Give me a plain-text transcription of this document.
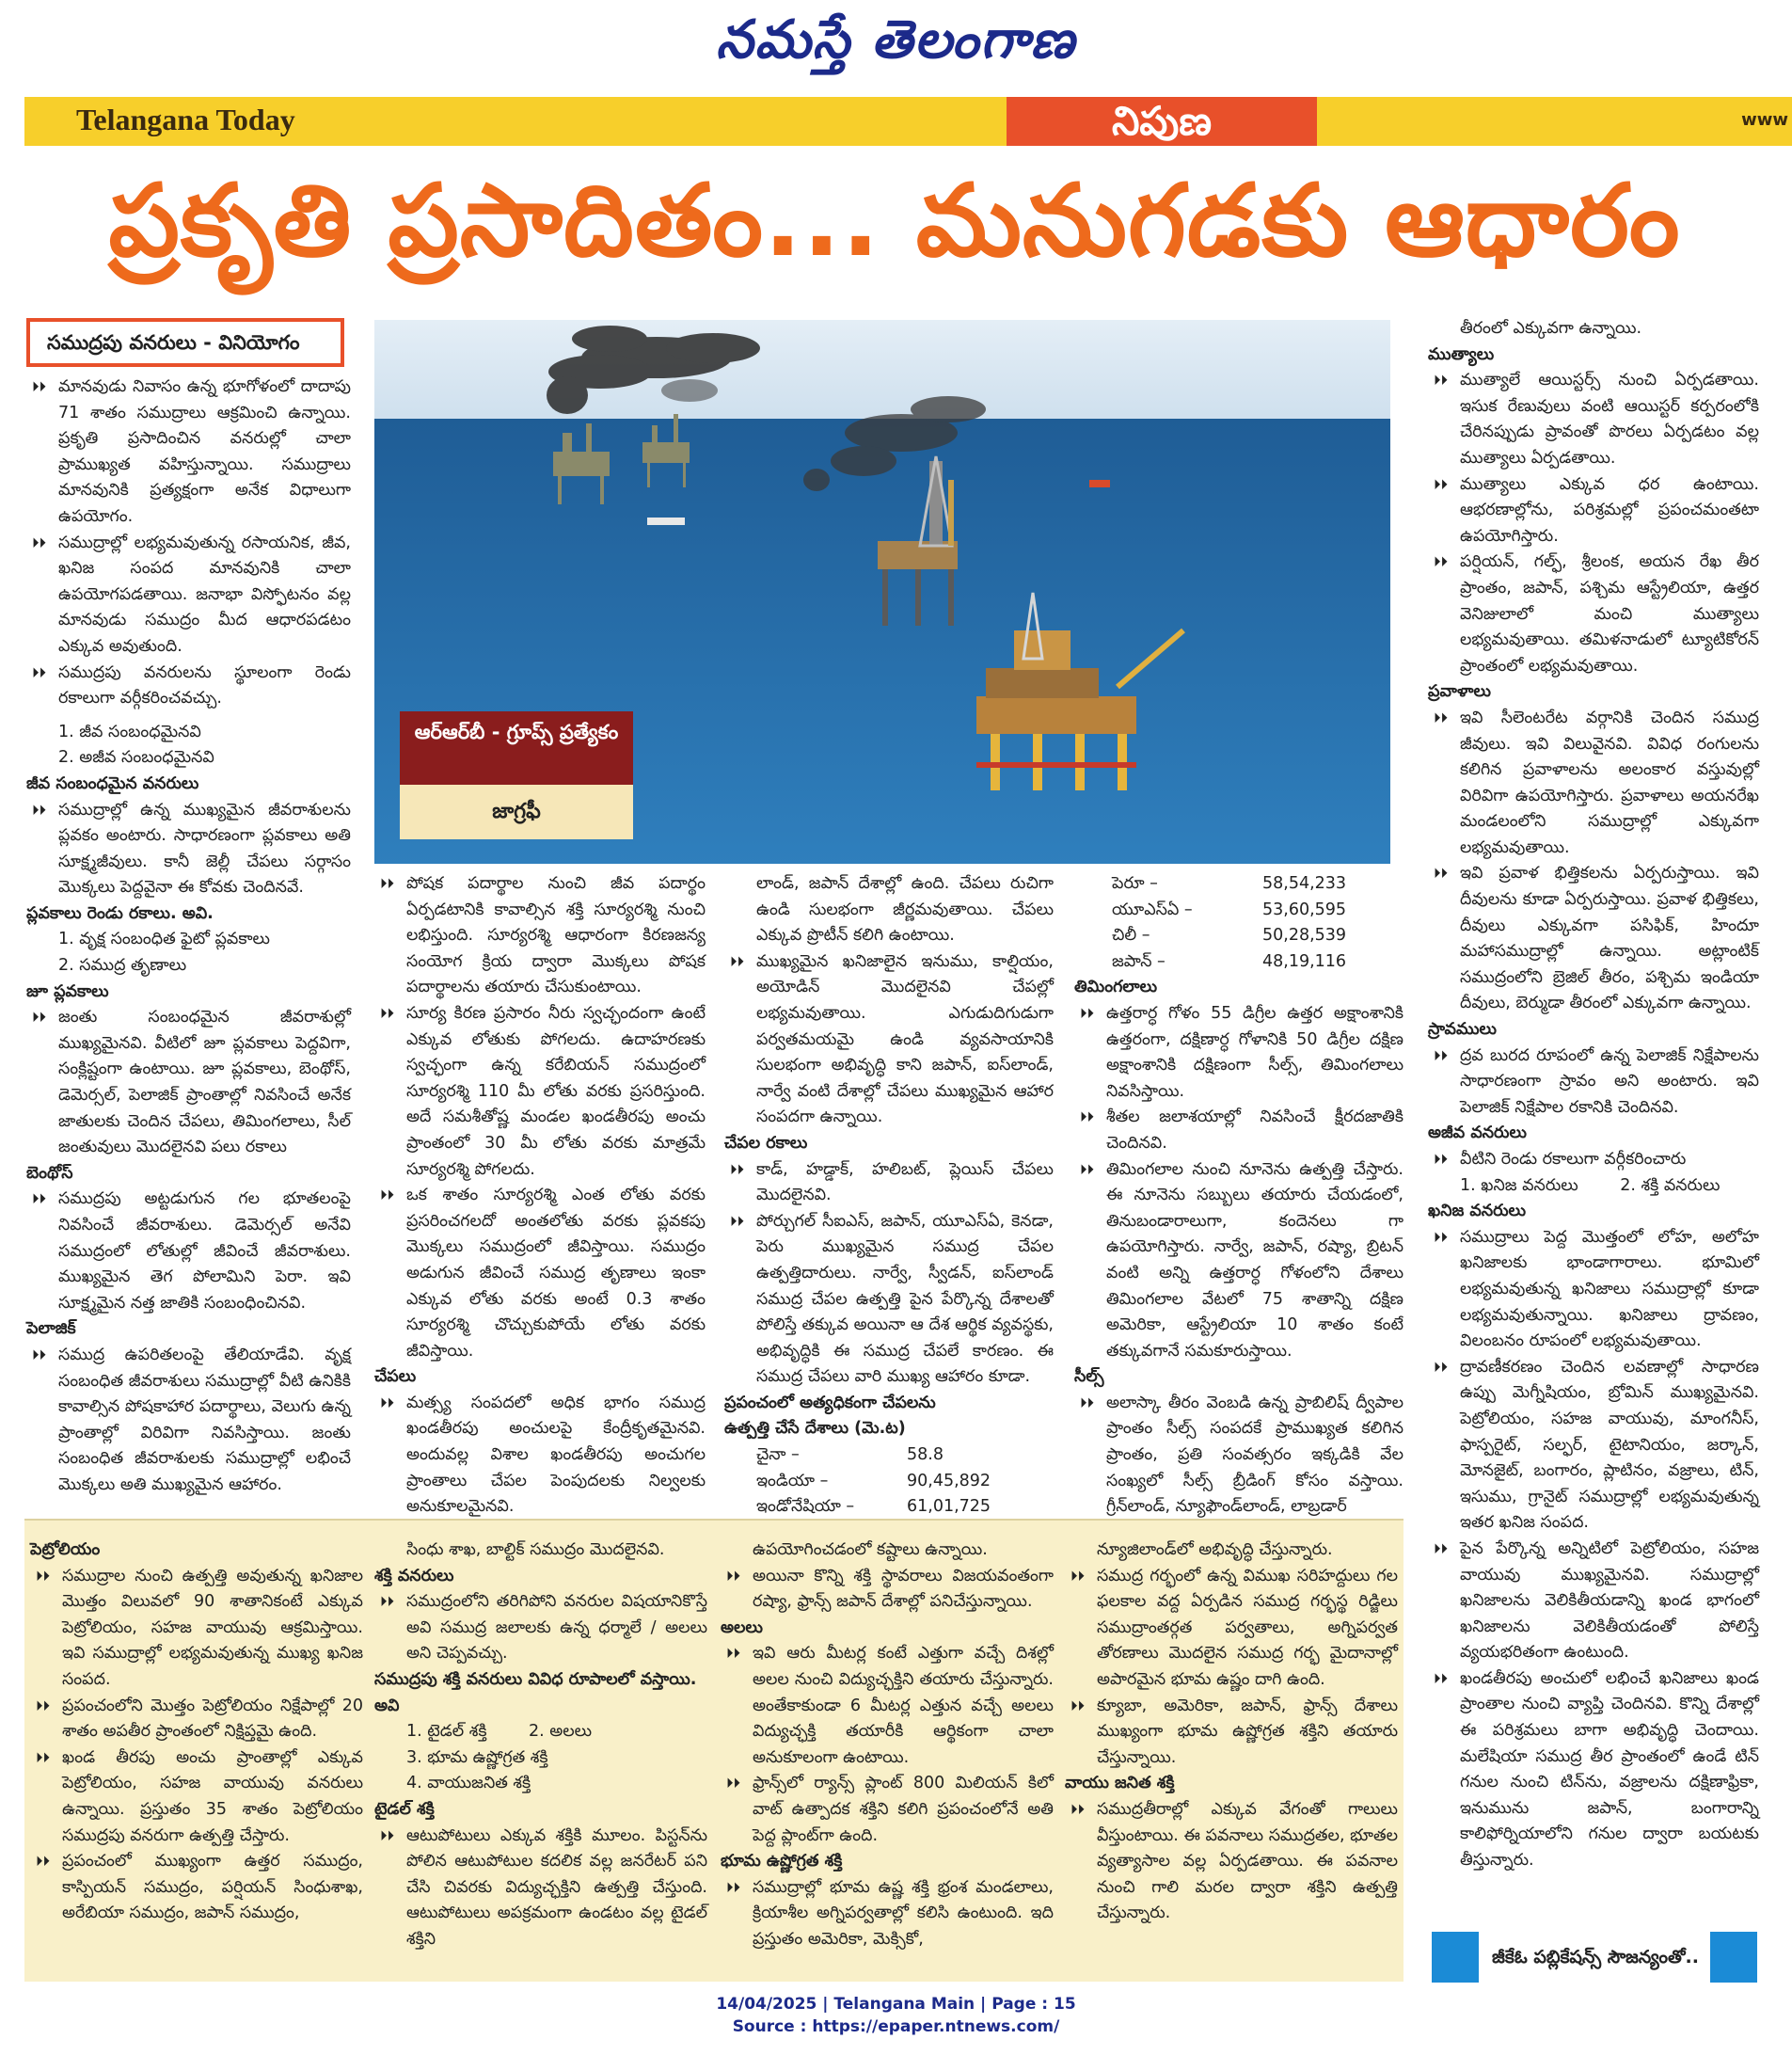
నమస్తే తెలంగాణ
Telangana Today	నిపుణ	www
ప్రకృతి ప్రసాదితం... మనుగడకు ఆధారం
సముద్రపు వనరులు - వినియోగం
ఆర్ఆర్‌బీ - గ్రూప్స్ ప్రత్యేకం
జాగ్రఫీ

⏵⏵ మానవుడు నివాసం ఉన్న భూగోళంలో దాదాపు 71 శాతం సముద్రాలు ఆక్రమించి ఉన్నాయి. ప్రకృతి ప్రసాదించిన వనరుల్లో చాలా ప్రాముఖ్యత వహిస్తున్నాయి. సముద్రాలు మానవునికి ప్రత్యక్షంగా అనేక విధాలుగా ఉపయోగం.

⏵⏵ సముద్రాల్లో లభ్యమవుతున్న రసాయనిక, జీవ, ఖనిజ సంపద మానవునికి చాలా ఉపయోగపడతాయి. జనాభా విస్ఫోటనం వల్ల మానవుడు సముద్రం మీద ఆధారపడటం ఎక్కువ అవుతుంది.

⏵⏵ సముద్రపు వనరులను స్థూలంగా రెండు రకాలుగా వర్గీకరించవచ్చు.

1. జీవ సంబంధమైనవి

2. అజీవ సంబంధమైనవి

జీవ సంబంధమైన వనరులు

⏵⏵ సముద్రాల్లో ఉన్న ముఖ్యమైన జీవరాశులను ప్లవకం అంటారు. సాధారణంగా ప్లవకాలు అతి సూక్ష్మజీవులు. కానీ జెల్లీ చేపలు సర్గాసం మొక్కలు పెద్దవైనా ఈ కోవకు చెందినవే.

ప్లవకాలు రెండు రకాలు. అవి.

1. వృక్ష సంబంధిత ఫైటో ప్లవకాలు

2. సముద్ర తృణాలు

జూ ప్లవకాలు

⏵⏵ జంతు సంబంధమైన జీవరాశుల్లో ముఖ్యమైనవి. వీటిలో జూ ప్లవకాలు పెద్దవిగా, సంక్లిష్టంగా ఉంటాయి. జూ ప్లవకాలు, బెంథోస్, డెమెర్సల్, పెలాజిక్ ప్రాంతాల్లో నివసించే అనేక జాతులకు చెందిన చేపలు, తిమింగలాలు, సీల్ జంతువులు మొదలైనవి పలు రకాలు

బెంథోస్

⏵⏵ సముద్రపు అట్టడుగున గల భూతలంపై నివసించే జీవరాశులు. డెమెర్సల్ అనేవి సముద్రంలో లోతుల్లో జీవించే జీవరాశులు. ముఖ్యమైన తెగ పోలామిని పెరా. ఇవి సూక్ష్మమైన నత్త జాతికి సంబంధించినవి.

పెలాజిక్

⏵⏵ సముద్ర ఉపరితలంపై తేలియాడేవి. వృక్ష సంబంధిత జీవరాశులు సముద్రాల్లో వీటి ఉనికికి కావాల్సిన పోషకాహార పదార్థాలు, వెలుగు ఉన్న ప్రాంతాల్లో విరివిగా నివసిస్తాయి. జంతు సంబంధిత జీవరాశులకు సముద్రాల్లో లభించే మొక్కలు అతి ముఖ్యమైన ఆహారం.

⏵⏵ పోషక పదార్థాల నుంచి జీవ పదార్థం ఏర్పడటానికి కావాల్సిన శక్తి సూర్యరశ్మి నుంచి లభిస్తుంది. సూర్యరశ్మి ఆధారంగా కిరణజన్య సంయోగ క్రియ ద్వారా మొక్కలు పోషక పదార్థాలను తయారు చేసుకుంటాయి.

⏵⏵ సూర్య కిరణ ప్రసారం నీరు స్వచ్ఛందంగా ఉంటే ఎక్కువ లోతుకు పోగలదు. ఉదాహరణకు స్వచ్ఛంగా ఉన్న కరేబియన్ సముద్రంలో సూర్యరశ్మి 110 మీ లోతు వరకు ప్రసరిస్తుంది. అదే సమశీతోష్ణ మండల ఖండతీరపు అంచు ప్రాంతంలో 30 మీ లోతు వరకు మాత్రమే సూర్యరశ్మి పోగలదు.

⏵⏵ ఒక శాతం సూర్యరశ్మి ఎంత లోతు వరకు ప్రసరించగలదో అంతలోతు వరకు ప్లవకపు మొక్కలు సముద్రంలో జీవిస్తాయి. సముద్రం అడుగున జీవించే సముద్ర తృణాలు ఇంకా ఎక్కువ లోతు వరకు అంటే 0.3 శాతం సూర్యరశ్మి చొచ్చుకుపోయే లోతు వరకు జీవిస్తాయి.

చేపలు

⏵⏵ మత్స్య సంపదలో అధిక భాగం సముద్ర ఖండతీరపు అంచులపై కేంద్రీకృతమైనవి. అందువల్ల విశాల ఖండతీరపు అంచుగల ప్రాంతాలు చేపల పెంపుదలకు నిల్వలకు అనుకూలమైనవి.

లాండ్, జపాన్ దేశాల్లో ఉంది. చేపలు రుచిగా ఉండి సులభంగా జీర్ణమవుతాయి. చేపలు ఎక్కువ ప్రొటీన్ కలిగి ఉంటాయి.

⏵⏵ ముఖ్యమైన ఖనిజాలైన ఇనుము, కాల్షియం, అయోడిన్ మొదలైనవి చేపల్లో లభ్యమవుతాయి. ఎగుడుదిగుడుగా పర్వతమయమై ఉండి వ్యవసాయానికి సులభంగా అభివృద్ధి కాని జపాన్, ఐస్‌లాండ్, నార్వే వంటి దేశాల్లో చేపలు ముఖ్యమైన ఆహార సంపదగా ఉన్నాయి.

చేపల రకాలు

⏵⏵ కాడ్, హడ్డాక్, హలిబట్, ప్లెయిస్ చేపలు మొదలైనవి.

⏵⏵ పోర్చుగల్ సీఐఎస్, జపాన్, యూఎస్ఏ, కెనడా, పెరు ముఖ్యమైన సముద్ర చేపల ఉత్పత్తిదారులు. నార్వే, స్వీడన్, ఐస్‌లాండ్ సముద్ర చేపల ఉత్పత్తి పైన పేర్కొన్న దేశాలతో పోలిస్తే తక్కువ అయినా ఆ దేశ ఆర్థిక వ్యవస్థకు, అభివృద్ధికి ఈ సముద్ర చేపలే కారణం. ఈ సముద్ర చేపలు వారి ముఖ్య ఆహారం కూడా.

ప్రపంచంలో అత్యధికంగా చేపలను

ఉత్పత్తి చేసే దేశాలు (మె.ట)

చైనా –	58.8
ఇండియా –	90,45,892
ఇండోనేషియా –	61,01,725
పెరూ –	58,54,233
యూఎస్ఏ –	53,60,595
చిలీ –	50,28,539
జపాన్ –	48,19,116

తిమింగలాలు

⏵⏵ ఉత్తరార్ధ గోళం 55 డిగ్రీల ఉత్తర అక్షాంశానికి ఉత్తరంగా, దక్షిణార్ధ గోళానికి 50 డిగ్రీల దక్షిణ అక్షాంశానికి దక్షిణంగా సీల్స్, తిమింగలాలు నివసిస్తాయి.

⏵⏵ శీతల జలాశయాల్లో నివసించే క్షీరదజాతికి చెందినవి.

⏵⏵ తిమింగలాల నుంచి నూనెను ఉత్పత్తి చేస్తారు. ఈ నూనెను సబ్బులు తయారు చేయడంలో, తినుబండారాలుగా, కందెనలు గా ఉపయోగిస్తారు. నార్వే, జపాన్, రష్యా, బ్రిటన్ వంటి అన్ని ఉత్తరార్ధ గోళంలోని దేశాలు తిమింగలాల వేటలో 75 శాతాన్ని దక్షిణ అమెరికా, ఆస్ట్రేలియా 10 శాతం కంటే తక్కువగానే సమకూరుస్తాయి.

సీల్స్

⏵⏵ అలాస్కా తీరం వెంబడి ఉన్న ప్రాబిలిష్ ద్వీపాల ప్రాంతం సీల్స్ సంపదకే ప్రాముఖ్యత కలిగిన ప్రాంతం, ప్రతి సంవత్సరం ఇక్కడికి వేల సంఖ్యలో సీల్స్ బ్రీడింగ్ కోసం వస్తాయి. గ్రీన్‌లాండ్, న్యూఫౌండ్‌లాండ్, లాబ్రడార్

తీరంలో ఎక్కువగా ఉన్నాయి.

ముత్యాలు

⏵⏵ ముత్యాలే ఆయిస్టర్స్ నుంచి ఏర్పడతాయి. ఇసుక రేణువులు వంటి ఆయిస్టర్ కర్పరంలోకి చేరినప్పుడు ప్రావంతో పొరలు ఏర్పడటం వల్ల ముత్యాలు ఏర్పడతాయి.

⏵⏵ ముత్యాలు ఎక్కువ ధర ఉంటాయి. ఆభరణాల్లోను, పరిశ్రమల్లో ప్రపంచమంతటా ఉపయోగిస్తారు.

⏵⏵ పర్షియన్, గల్ఫ్, శ్రీలంక, అయన రేఖ తీర ప్రాంతం, జపాన్, పశ్చిమ ఆస్ట్రేలియా, ఉత్తర వెనిజులాలో మంచి ముత్యాలు లభ్యమవుతాయి. తమిళనాడులో ట్యూటికోరన్ ప్రాంతంలో లభ్యమవుతాయి.

ప్రవాళాలు

⏵⏵ ఇవి సీలెంటరేట వర్గానికి చెందిన సముద్ర జీవులు. ఇవి విలువైనవి. వివిధ రంగులను కలిగిన ప్రవాళాలను అలంకార వస్తువుల్లో విరివిగా ఉపయోగిస్తారు. ప్రవాళాలు అయనరేఖ మండలంలోని సముద్రాల్లో ఎక్కువగా లభ్యమవుతాయి.

⏵⏵ ఇవి ప్రవాళ భిత్తికలను ఏర్పరుస్తాయి. ఇవి దీవులను కూడా ఏర్పరుస్తాయి. ప్రవాళ భిత్తికలు, దీవులు ఎక్కువగా పసిఫిక్, హిందూ మహాసముద్రాల్లో ఉన్నాయి. అట్లాంటిక్ సముద్రంలోని బ్రెజిల్ తీరం, పశ్చిమ ఇండియా దీవులు, బెర్ముడా తీరంలో ఎక్కువగా ఉన్నాయి.

స్రావములు

⏵⏵ ద్రవ బురద రూపంలో ఉన్న పెలాజిక్ నిక్షేపాలను సాధారణంగా స్రావం అని అంటారు. ఇవి పెలాజిక్ నిక్షేపాల రకానికి చెందినవి.

అజీవ వనరులు

⏵⏵ వీటిని రెండు రకాలుగా వర్గీకరించారు

1. ఖనిజ వనరులు	2. శక్తి వనరులు

ఖనిజ వనరులు

⏵⏵ సముద్రాలు పెద్ద మొత్తంలో లోహ, అలోహ ఖనిజాలకు భాండాగారాలు. భూమిలో లభ్యమవుతున్న ఖనిజాలు సముద్రాల్లో కూడా లభ్యమవుతున్నాయి. ఖనిజాలు ద్రావణం, విలంబనం రూపంలో లభ్యమవుతాయి.

⏵⏵ ద్రావణీకరణం చెందిన లవణాల్లో సాధారణ ఉప్పు మెగ్నీషియం, బ్రోమిన్ ముఖ్యమైనవి. పెట్రోలియం, సహజ వాయువు, మాంగనీస్, ఫాస్పరైట్, సల్ఫర్, టైటానియం, జర్కాన్, మోనజైట్, బంగారం, ప్లాటినం, వజ్రాలు, టిన్, ఇసుము, గ్రానైట్ సముద్రాల్లో లభ్యమవుతున్న ఇతర ఖనిజ సంపద.

⏵⏵ పైన పేర్కొన్న అన్నిటిలో పెట్రోలియం, సహజ వాయువు ముఖ్యమైనవి. సముద్రాల్లో ఖనిజాలను వెలికితీయడాన్ని ఖండ భాగంలో ఖనిజాలను వెలికితీయడంతో పోలిస్తే వ్యయభరితంగా ఉంటుంది.

⏵⏵ ఖండతీరపు అంచులో లభించే ఖనిజాలు ఖండ ప్రాంతాల నుంచి వ్యాప్తి చెందినవి. కొన్ని దేశాల్లో ఈ పరిశ్రమలు బాగా అభివృద్ధి చెందాయి. మలేషియా సముద్ర తీర ప్రాంతంలో ఉండే టిన్ గనుల నుంచి టిన్‌ను, వజ్రాలను దక్షిణాఫ్రికా, ఇనుమును జపాన్, బంగారాన్ని కాలిఫోర్నియాలోని గనుల ద్వారా బయటకు తీస్తున్నారు.

పెట్రోలియం

⏵⏵ సముద్రాల నుంచి ఉత్పత్తి అవుతున్న ఖనిజాల మొత్తం విలువలో 90 శాతానికంటే ఎక్కువ పెట్రోలియం, సహజ వాయువు ఆక్రమిస్తాయి. ఇవి సముద్రాల్లో లభ్యమవుతున్న ముఖ్య ఖనిజ సంపద.

⏵⏵ ప్రపంచంలోని మొత్తం పెట్రోలియం నిక్షేపాల్లో 20 శాతం అపతీర ప్రాంతంలో నిక్షిప్తమై ఉంది.

⏵⏵ ఖండ తీరపు అంచు ప్రాంతాల్లో ఎక్కువ పెట్రోలియం, సహజ వాయువు వనరులు ఉన్నాయి. ప్రస్తుతం 35 శాతం పెట్రోలియం సముద్రపు వనరుగా ఉత్పత్తి చేస్తారు.

⏵⏵ ప్రపంచంలో ముఖ్యంగా ఉత్తర సముద్రం, కాస్పియన్ సముద్రం, పర్షియన్ సింధుశాఖ, అరేబియా సముద్రం, జపాన్ సముద్రం,

సింధు శాఖ, బాల్టిక్ సముద్రం మొదలైనవి.

శక్తి వనరులు

⏵⏵ సముద్రంలోని తరిగిపోని వనరుల విషయానికొస్తే అవి సముద్ర జలాలకు ఉన్న ధర్మాలే / అలలు అని చెప్పవచ్చు.

సముద్రపు శక్తి వనరులు వివిధ రూపాలలో వస్తాయి.

అవి

1. టైడల్ శక్తి	2. అలలు

3. భూమ ఉష్ణోగ్రత శక్తి

4. వాయుజనిత శక్తి

టైడల్ శక్తి

⏵⏵ ఆటుపోటులు ఎక్కువ శక్తికి మూలం. పిస్టన్‌ను పోలిన ఆటుపోటుల కదలిక వల్ల జనరేటర్ పని చేసి చివరకు విద్యుచ్ఛక్తిని ఉత్పత్తి చేస్తుంది. ఆటుపోటులు అపక్రమంగా ఉండటం వల్ల టైడల్ శక్తిని

ఉపయోగించడంలో కష్టాలు ఉన్నాయి.

⏵⏵ అయినా కొన్ని శక్తి స్థావరాలు విజయవంతంగా రష్యా, ఫ్రాన్స్ జపాన్ దేశాల్లో పనిచేస్తున్నాయి.

అలలు

⏵⏵ ఇవి ఆరు మీటర్ల కంటే ఎత్తుగా వచ్చే దిశల్లో అలల నుంచి విద్యుచ్ఛక్తిని తయారు చేస్తున్నారు. అంతేకాకుండా 6 మీటర్ల ఎత్తున వచ్చే అలలు విద్యుచ్ఛక్తి తయారీకి ఆర్థికంగా చాలా అనుకూలంగా ఉంటాయి.

⏵⏵ ఫ్రాన్స్‌లో ర్యాన్స్ ప్లాంట్ 800 మిలియన్ కిలో వాట్ ఉత్పాదక శక్తిని కలిగి ప్రపంచంలోనే అతి పెద్ద ప్లాంట్‌గా ఉంది.

భూమ ఉష్ణోగ్రత శక్తి

⏵⏵ సముద్రాల్లో భూమ ఉష్ణ శక్తి భ్రంశ మండలాలు, క్రియాశీల అగ్నిపర్వతాల్లో కలిసి ఉంటుంది. ఇది ప్రస్తుతం అమెరికా, మెక్సికో,

న్యూజిలాండ్‌లో అభివృద్ధి చేస్తున్నారు.

⏵⏵ సముద్ర గర్భంలో ఉన్న విముఖ సరిహద్దులు గల ఫలకాల వద్ద ఏర్పడిన సముద్ర గర్భస్థ రిడ్జిలు సముద్రాంతర్గత పర్వతాలు, అగ్నిపర్వత తోరణాలు మొదలైన సముద్ర గర్భ మైదానాల్లో అపారమైన భూమ ఉష్ణం దాగి ఉంది.

⏵⏵ క్యూబా, అమెరికా, జపాన్, ఫ్రాన్స్ దేశాలు ముఖ్యంగా భూమ ఉష్ణోగ్రత శక్తిని తయారు చేస్తున్నాయి.

వాయు జనిత శక్తి

⏵⏵ సముద్రతీరాల్లో ఎక్కువ వేగంతో గాలులు వీస్తుంటాయి. ఈ పవనాలు సముద్రతల, భూతల వ్యత్యాసాల వల్ల ఏర్పడతాయి. ఈ పవనాల నుంచి గాలి మరల ద్వారా శక్తిని ఉత్పత్తి చేస్తున్నారు.

జీకేఓ పబ్లికేషన్స్ సౌజన్యంతో..
14/04/2025 | Telangana Main | Page : 15
Source : https://epaper.ntnews.com/
